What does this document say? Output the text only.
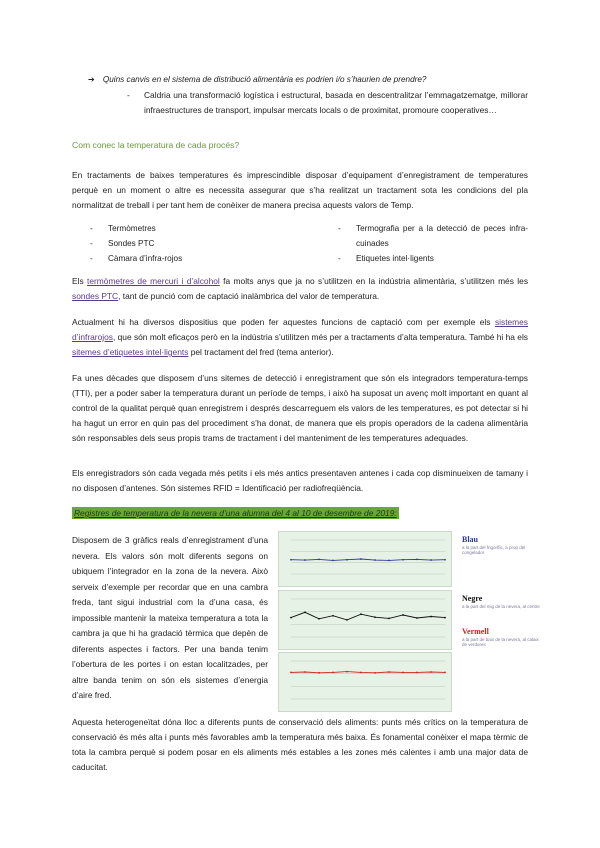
➔ Quins canvis en el sistema de distribució alimentària es podrien i/o s’haurien de prendre?
- Caldria una transformació logística i estructural, basada en descentralitzar l’emmagatzematge, millorar infraestructures de transport, impulsar mercats locals o de proximitat, promoure cooperatives…

Com conec la temperatura de cada procés?

En tractaments de baixes temperatures és imprescindible disposar d’equipament d’enregistrament de temperatures perquè en un moment o altre es necessita assegurar que s’ha realitzat un tractament sota les condicions del pla normalitzat de treball i per tant hem de conèixer de manera precisa aquests valors de Temp.

-	Termòmetres
-	Sondes PTC
-	Càmara d’infra-rojos
-	Termografia per a la detecció de peces infra-cuinades
-	Etiquetes intel·ligents

Els termòmetres de mercuri i d’alcohol fa molts anys que ja no s’utilitzen en la indústria alimentària, s’utilitzen més les sondes PTC, tant de punció com de captació inalàmbrica del valor de temperatura.

Actualment hi ha diversos dispositius que poden fer aquestes funcions de captació com per exemple els sistemes d’infrarojos, que són molt eficaços però en la indústria s’utilitzen més per a tractaments d’alta temperatura. També hi ha els sitemes d’etiquetes intel·ligents pel tractament del fred (tema anterior).

Fa unes dècades que disposem d’uns sitemes de detecció i enregistrament que són els integradors temperatura-temps (TTI), per a poder saber la temperatura durant un període de temps, i això ha suposat un avenç molt important en quant al control de la qualitat perquè quan enregistrem i després descarreguem els valors de les temperatures, es pot detectar si hi ha hagut un error en quin pas del procediment s’ha donat, de manera que els propis operadors de la cadena alimentària són responsables dels seus propis trams de tractament i del manteniment de les temperatures adequades.

Els enregistradors són cada vegada més petits i els més antics presentaven antenes i cada cop disminueixen de tamany i no disposen d’antenes. Són sistemes RFID = Identificació per radiofreqüència.

Registres de temperatura de la nevera d’una alumna del 4 al 10 de desembre de 2019:

Disposem de 3 gràfics reals d’enregistrament d’una nevera. Els valors són molt diferents segons on ubiquem l’integrador en la zona de la nevera. Això serveix d’exemple per recordar que en una cambra freda, tant sigui industrial com la d’una casa, és impossible mantenir la mateixa temperatura a tota la cambra ja que hi ha gradació tèrmica que depèn de diferents aspectes i factors. Per una banda tenim l’obertura de les portes i on estan localitzades, per altre banda tenim on són els sistemes d’energia d’aire fred.

Blau
a la part del frigorífic, a prop del congelador
Negre
a la part del mig de la nevera, al centre
Vermell
a la part de baix de la nevera, al calaix de verdures

Aquesta heterogeneïtat dóna lloc a diferents punts de conservació dels aliments: punts més crítics on la temperatura de conservació és més alta i punts més favorables amb la temperatura més baixa. És fonamental conèixer el mapa tèrmic de tota la cambra perquè si podem posar en els aliments més estables a les zones més calentes i amb una major data de caducitat.
